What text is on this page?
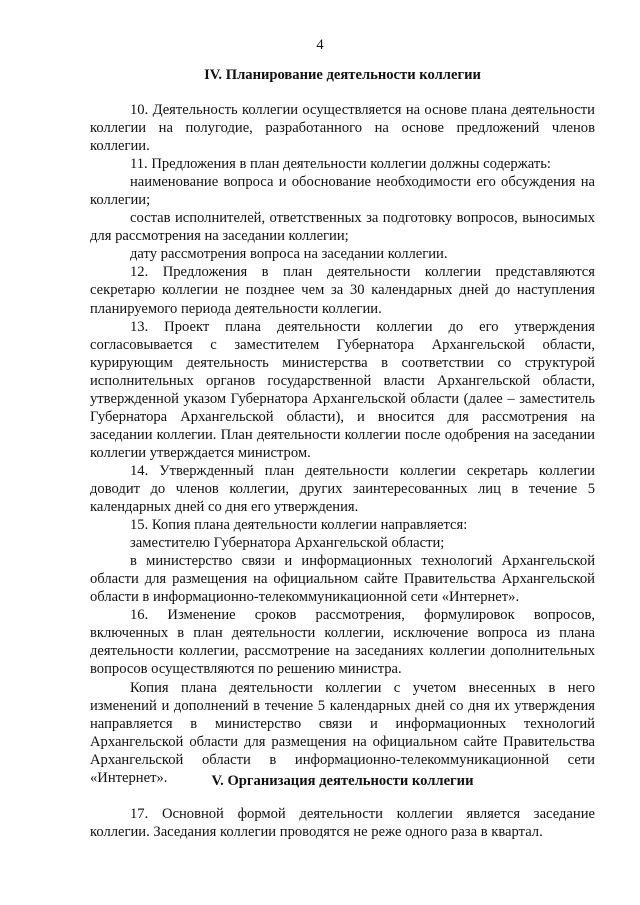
4
IV. Планирование деятельности коллегии

10. Деятельность коллегии осуществляется на основе плана деятельности коллегии на полугодие, разработанного на основе предложений членов коллегии.

11. Предложения в план деятельности коллегии должны содержать:

наименование вопроса и обоснование необходимости его обсуждения на коллегии;

состав исполнителей, ответственных за подготовку вопросов, выносимых для рассмотрения на заседании коллегии;

дату рассмотрения вопроса на заседании коллегии.

12. Предложения в план деятельности коллегии представляются секретарю коллегии не позднее чем за 30 календарных дней до наступления планируемого периода деятельности коллегии.

13. Проект плана деятельности коллегии до его утверждения согласовывается с заместителем Губернатора Архангельской области, курирующим деятельность министерства в соответствии со структурой исполнительных органов государственной власти Архангельской области, утвержденной указом Губернатора Архангельской области (далее – заместитель Губернатора Архангельской области), и вносится для рассмотрения на заседании коллегии. План деятельности коллегии после одобрения на заседании коллегии утверждается министром.

14. Утвержденный план деятельности коллегии секретарь коллегии доводит до членов коллегии, других заинтересованных лиц в течение 5 календарных дней со дня его утверждения.

15. Копия плана деятельности коллегии направляется:

заместителю Губернатора Архангельской области;

в министерство связи и информационных технологий Архангельской области для размещения на официальном сайте Правительства Архангельской области в информационно-телекоммуникационной сети «Интернет».

16. Изменение сроков рассмотрения, формулировок вопросов, включенных в план деятельности коллегии, исключение вопроса из плана деятельности коллегии, рассмотрение на заседаниях коллегии дополнительных вопросов осуществляются по решению министра.

Копия плана деятельности коллегии с учетом внесенных в него изменений и дополнений в течение 5 календарных дней со дня их утверждения направляется в министерство связи и информационных технологий Архангельской области для размещения на официальном сайте Правительства Архангельской области в информационно-телекоммуникационной сети «Интернет».	V. Организация деятельности коллегии

17. Основной формой деятельности коллегии является заседание коллегии. Заседания коллегии проводятся не реже одного раза в квартал.
